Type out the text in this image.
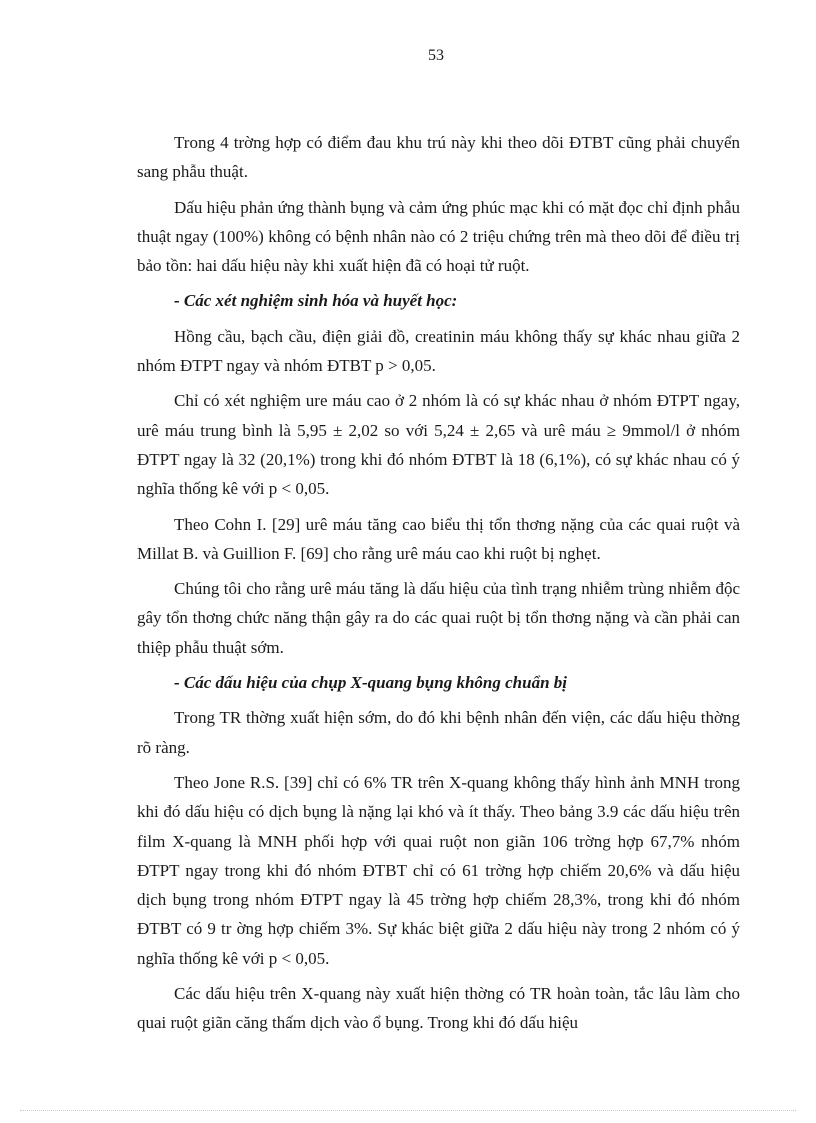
53

Trong 4 trờng hợp có điểm đau khu trú này khi theo dõi ĐTBT cũng phải chuyển sang phẫu thuật.

Dấu hiệu phản ứng thành bụng và cảm ứng phúc mạc khi có mặt đọc chỉ định phẫu thuật ngay (100%) không có bệnh nhân nào có 2 triệu chứng trên mà theo dõi để điều trị bảo tồn: hai dấu hiệu này khi xuất hiện đã có hoại tử ruột.

- Các xét nghiệm sinh hóa và huyết học:

Hồng cầu, bạch cầu, điện giải đồ, creatinin máu không thấy sự khác nhau giữa 2 nhóm ĐTPT ngay và nhóm ĐTBT p > 0,05.

Chỉ có xét nghiệm ure máu cao ở 2 nhóm là có sự khác nhau ở nhóm ĐTPT ngay, urê máu trung bình là 5,95 ± 2,02 so với 5,24 ± 2,65 và urê máu ≥ 9mmol/l ở nhóm ĐTPT ngay là 32 (20,1%) trong khi đó nhóm ĐTBT là 18 (6,1%), có sự khác nhau có ý nghĩa thống kê với p < 0,05.

Theo Cohn I. [29] urê máu tăng cao biểu thị tổn thơng nặng của các quai ruột và Millat B. và Guillion F. [69] cho rằng urê máu cao khi ruột bị nghẹt.

Chúng tôi cho rằng urê máu tăng là dấu hiệu của tình trạng nhiễm trùng nhiễm độc gây tổn thơng chức năng thận gây ra do các quai ruột bị tổn thơng nặng và cần phải can thiệp phẫu thuật sớm.

- Các dấu hiệu của chụp X-quang bụng không chuẩn bị

Trong TR thờng xuất hiện sớm, do đó khi bệnh nhân đến viện, các dấu hiệu thờng rõ ràng.

Theo Jone R.S. [39] chỉ có 6% TR trên X-quang không thấy hình ảnh MNH trong khi đó dấu hiệu có dịch bụng là nặng lại khó và ít thấy. Theo bảng 3.9 các dấu hiệu trên film X-quang là MNH phối hợp với quai ruột non giãn 106 trờng hợp 67,7% nhóm ĐTPT ngay trong khi đó nhóm ĐTBT chỉ có 61 trờng hợp chiếm 20,6% và dấu hiệu dịch bụng trong nhóm ĐTPT ngay là 45 trờng hợp chiếm 28,3%, trong khi đó nhóm ĐTBT có 9 tr ờng hợp chiếm 3%. Sự khác biệt giữa 2 dấu hiệu này trong 2 nhóm có ý nghĩa thống kê với p < 0,05.

Các dấu hiệu trên X-quang này xuất hiện thờng có TR hoàn toàn, tắc lâu làm cho quai ruột giãn căng thấm dịch vào ổ bụng. Trong khi đó dấu hiệu
